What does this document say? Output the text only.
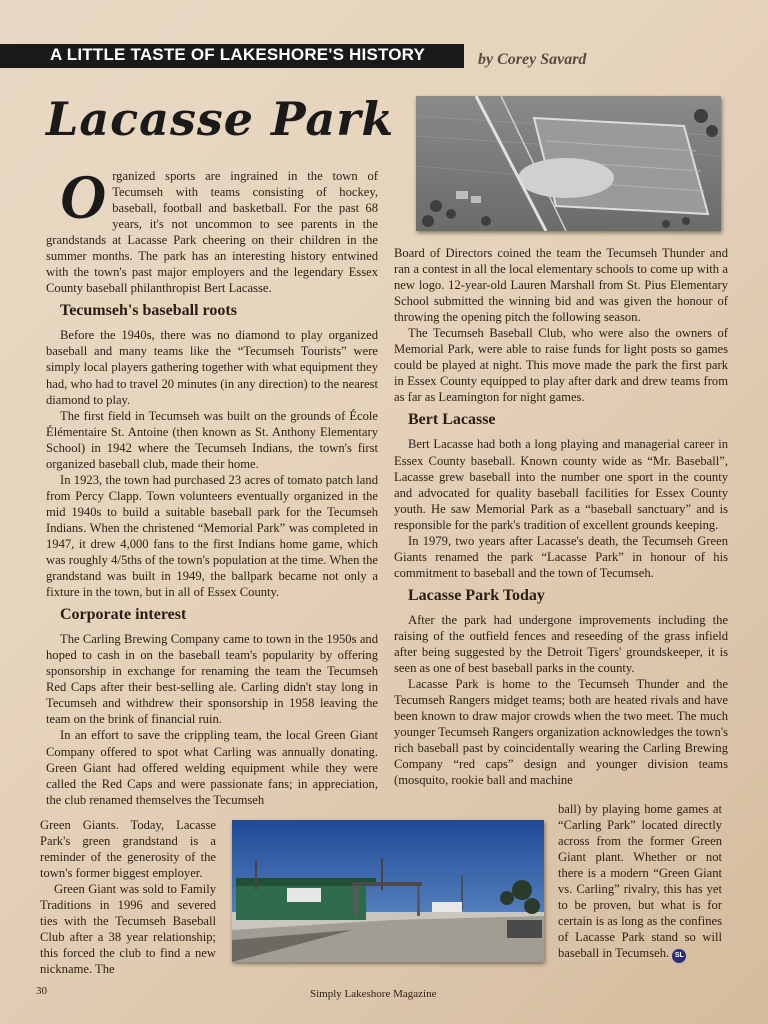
A LITTLE TASTE OF LAKESHORE'S HISTORY	by Corey Savard
Lacasse Park
O rganized sports are ingrained in the town of Tecumseh with teams consisting of hockey, baseball, football and basketball. For the past 68 years, it's not uncommon to see parents in the grandstands at Lacasse Park cheering on their children in the summer months. The park has an interesting history entwined with the town's past major employers and the legendary Essex County baseball philanthropist Bert Lacasse.

Tecumseh's baseball roots

Before the 1940s, there was no diamond to play organized baseball and many teams like the “Tecumseh Tourists” were simply local players gathering together with what equipment they had, who had to travel 20 minutes (in any direction) to the nearest diamond to play.

The first field in Tecumseh was built on the grounds of École Élémentaire St. Antoine (then known as St. Anthony Elementary School) in 1942 where the Tecumseh Indians, the town's first organized baseball club, made their home.

In 1923, the town had purchased 23 acres of tomato patch land from Percy Clapp. Town volunteers eventually organized in the mid 1940s to build a suitable baseball park for the Tecumseh Indians. When the christened “Memorial Park” was completed in 1947, it drew 4,000 fans to the first Indians home game, which was roughly 4/5ths of the town's population at the time. When the grandstand was built in 1949, the ballpark became not only a fixture in the town, but in all of Essex County.

Corporate interest

The Carling Brewing Company came to town in the 1950s and hoped to cash in on the baseball team's popularity by offering sponsorship in exchange for renaming the team the Tecumseh Red Caps after their best-selling ale. Carling didn't stay long in Tecumseh and withdrew their sponsorship in 1958 leaving the team on the brink of financial ruin.

In an effort to save the crippling team, the local Green Giant Company offered to spot what Carling was annually donating. Green Giant had offered welding equipment while they were called the Red Caps and were passionate fans; in appreciation, the club renamed themselves the Tecumseh

Green Giants. Today, Lacasse Park's green grandstand is a reminder of the generosity of the town's former biggest employer.

Green Giant was sold to Family Traditions in 1996 and severed ties with the Tecumseh Baseball Club after a 38 year relationship; this forced the club to find a new nickname. The

Board of Directors coined the team the Tecumseh Thunder and ran a contest in all the local elementary schools to come up with a new logo. 12-year-old Lauren Marshall from St. Pius Elementary School submitted the winning bid and was given the honour of throwing the opening pitch the following season.

The Tecumseh Baseball Club, who were also the owners of Memorial Park, were able to raise funds for light posts so games could be played at night. This move made the park the first park in Essex County equipped to play after dark and drew teams from as far as Leamington for night games.

Bert Lacasse

Bert Lacasse had both a long playing and managerial career in Essex County baseball. Known county wide as “Mr. Baseball”, Lacasse grew baseball into the number one sport in the county and advocated for quality baseball facilities for Essex County youth. He saw Memorial Park as a “baseball sanctuary” and is responsible for the park's tradition of excellent grounds keeping.

In 1979, two years after Lacasse's death, the Tecumseh Green Giants renamed the park “Lacasse Park” in honour of his commitment to baseball and the town of Tecumseh.

Lacasse Park Today

After the park had undergone improvements including the raising of the outfield fences and reseeding of the grass infield after being suggested by the Detroit Tigers' groundskeeper, it is seen as one of best baseball parks in the county.

Lacasse Park is home to the Tecumseh Thunder and the Tecumseh Rangers midget teams; both are heated rivals and have been known to draw major crowds when the two meet. The much younger Tecumseh Rangers organization acknowledges the town's rich baseball past by coincidentally wearing the Carling Brewing Company “red caps” design and younger division teams (mosquito, rookie ball and machine

ball) by playing home games at “Carling Park” located directly across from the former Green Giant plant. Whether or not there is a modern “Green Giant vs. Carling” rivalry, this has yet to be proven, but what is for certain is as long as the confines of Lacasse Park stand so will baseball in Tecumseh. SL

30	Simply Lakeshore Magazine
